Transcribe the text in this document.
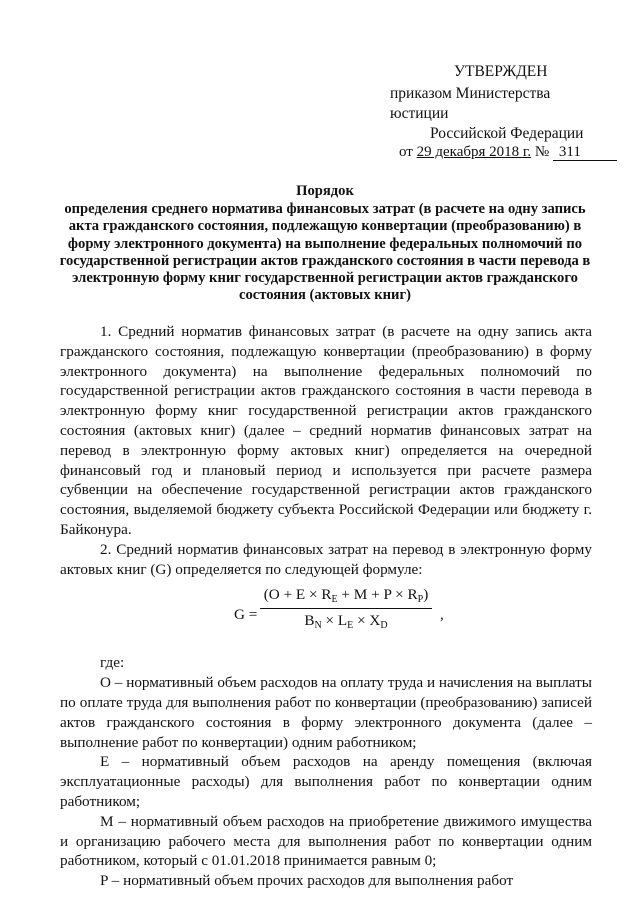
УТВЕРЖДЕН
приказом Министерства юстиции
Российской Федерации
от 29 декабря 2018 г. № 311
Порядок
определения среднего норматива финансовых затрат (в расчете на одну запись акта гражданского состояния, подлежащую конвертации (преобразованию) в форму электронного документа) на выполнение федеральных полномочий по государственной регистрации актов гражданского состояния в части перевода в электронную форму книг государственной регистрации актов гражданского состояния (актовых книг)

1. Средний норматив финансовых затрат (в расчете на одну запись акта гражданского состояния, подлежащую конвертации (преобразованию) в форму электронного документа) на выполнение федеральных полномочий по государственной регистрации актов гражданского состояния в части перевода в электронную форму книг государственной регистрации актов гражданского состояния (актовых книг) (далее – средний норматив финансовых затрат на перевод в электронную форму актовых книг) определяется на очередной финансовый год и плановый период и используется при расчете размера субвенции на обеспечение государственной регистрации актов гражданского состояния, выделяемой бюджету субъекта Российской Федерации или бюджету г. Байконура.

2. Средний норматив финансовых затрат на перевод в электронную форму актовых книг (G) определяется по следующей формуле:

$G = \frac{(O + E \times R_E + M + P \times R_P)}{B_N \times L_E \times X_D}$ ,

где:

O – нормативный объем расходов на оплату труда и начисления на выплаты по оплате труда для выполнения работ по конвертации (преобразованию) записей актов гражданского состояния в форму электронного документа (далее – выполнение работ по конвертации) одним работником;

E – нормативный объем расходов на аренду помещения (включая эксплуатационные расходы) для выполнения работ по конвертации одним работником;

M – нормативный объем расходов на приобретение движимого имущества и организацию рабочего места для выполнения работ по конвертации одним работником, который с 01.01.2018 принимается равным 0;

P – нормативный объем прочих расходов для выполнения работ
